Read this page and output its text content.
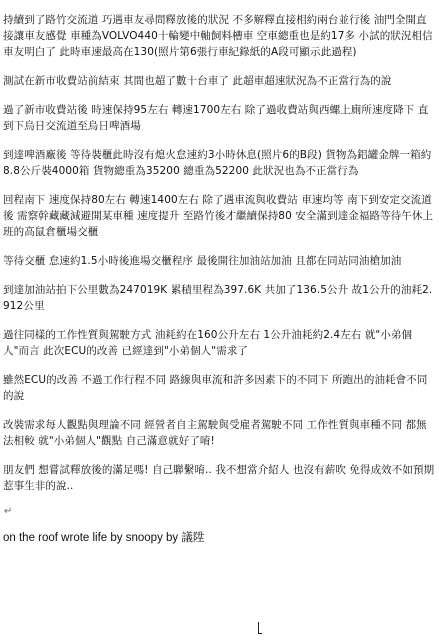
持續到了路竹交流道 巧遇車友尋問釋放後的狀況 不多解釋直接相約兩台並行後 油門全開直接讓車友感覺 車種為VOLVO440十輪變中軸飼料槽車 空車總重也是約17多 小試的狀況相信車友明白了 此時車速最高在130(照片第6張行車紀錄紙的A段可顯示此過程)

測試在新市收費站前結束 其間也超了數十台車了 此超車超速狀況為不正當行為的說

過了新市收費站後 時速保持95左右 轉速1700左右 除了過收費站與西螺上廁所速度降下 直到下烏日交流道至烏日啤酒場

到達啤酒廠後 等待裝櫃此時沒有熄火怠速約3小時休息(照片6的B段) 貨物為鋁罐金牌一箱約8.8公斤裝4000箱 貨物總重為35200 總重為52200 此狀況也為不正當行為

回程南下 速度保持80左右 轉速1400左右 除了遇車流與收費站 車速均等 南下到安定交流道後 需察幹藏藏減避開某車種 速度提升 至路竹後才繼續保持80 安全滿到達金福路等待午休上班的高鼠倉櫃場交櫃

等待交櫃 怠速約1.5小時後進場交櫃程序 最後開往加油站加油 且都在同站同油槍加油

到達加油站拍下公里數為247019K 累積里程為397.6K 共加了136.5公升 故1公升的油耗2.912公里

過往同樣的工作性質與駕駛方式 油耗約在160公升左右 1公升油耗約2.4左右 就"小弟個人"而言 此次ECU的改善 已經達到"小弟個人"需求了

雖然ECU的改善 不過工作行程不同 路線與車流和許多因素下的不同下 所跑出的油耗會不同的說

改裝需求每人觀點與理論不同 經營者自主駕駛與受雇者駕駛不同 工作性質與車種不同 都無法相較 就"小弟個人"觀點 自己滿意就好了唷!

朋友們 想嘗試釋放後的滿足嗎! 自己聯繫唷.. 我不想當介紹人 也沒有薪吹 免得成效不如預期惹事生非的說..

↵
on the roof wrote life by snoopy by 議陞
